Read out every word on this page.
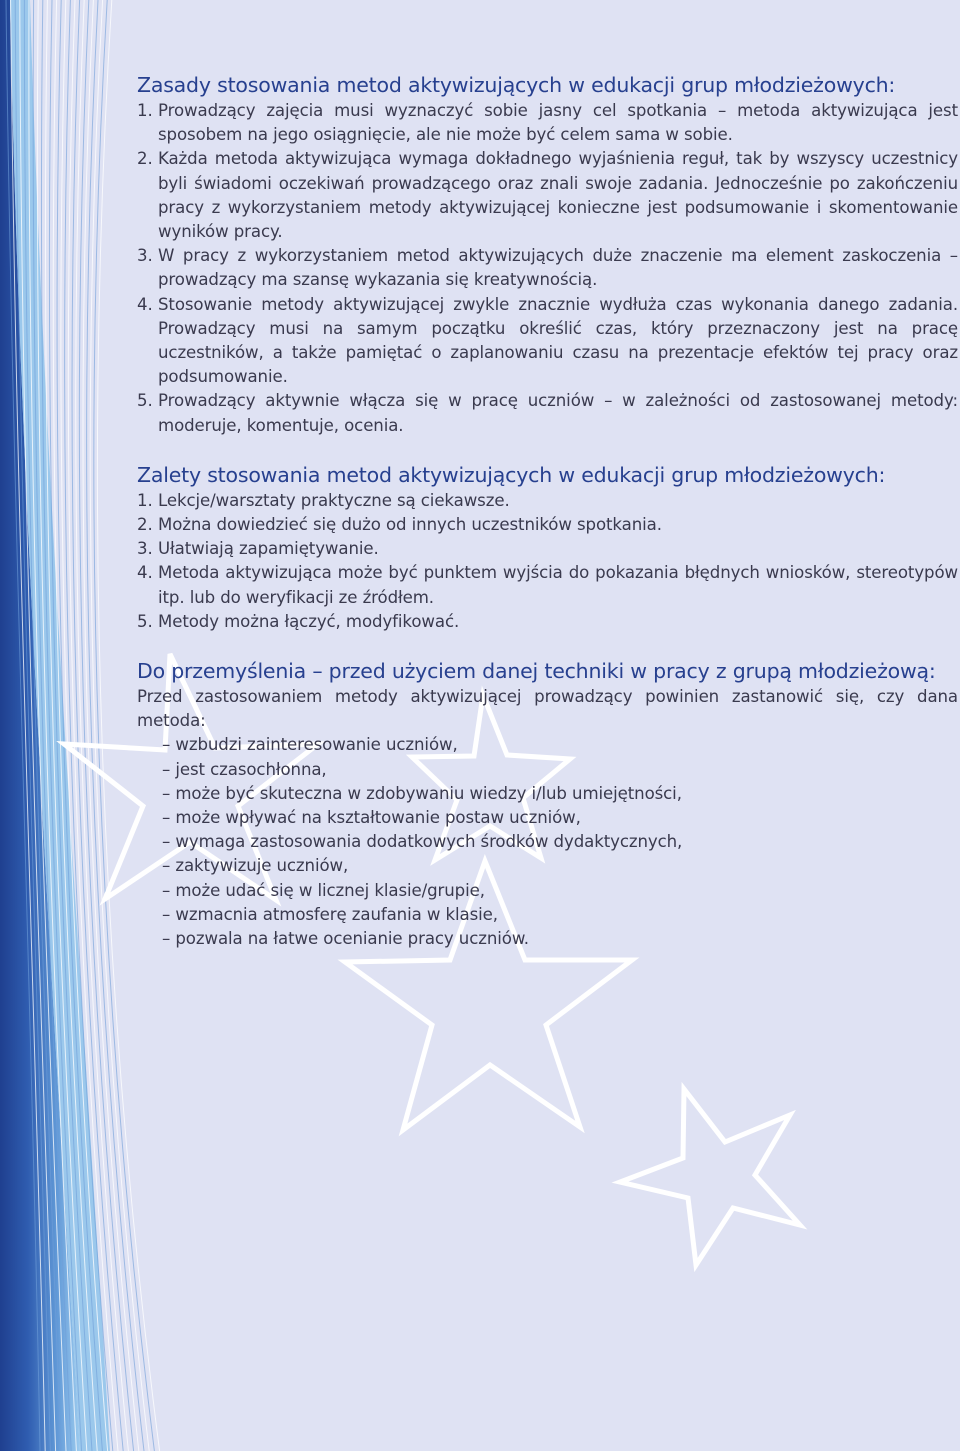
Zasady stosowania metod aktywizujących w edukacji grup młodzieżowych:
1. Prowadzący zajęcia musi wyznaczyć sobie jasny cel spotkania – metoda aktywizująca jest sposobem na jego osiągnięcie, ale nie może być celem sama w sobie.
2. Każda metoda aktywizująca wymaga dokładnego wyjaśnienia reguł, tak by wszyscy uczestnicy byli świadomi oczekiwań prowadzącego oraz znali swoje zadania. Jednocześnie po zakończeniu pracy z wykorzystaniem metody aktywizującej konieczne jest podsumowanie i skomentowanie wyników pracy.
3. W pracy z wykorzystaniem metod aktywizujących duże znaczenie ma element zaskoczenia – prowadzący ma szansę wykazania się kreatywnością.
4. Stosowanie metody aktywizującej zwykle znacznie wydłuża czas wykonania danego zadania. Prowadzący musi na samym początku określić czas, który przeznaczony jest na pracę uczestników, a także pamiętać o zaplanowaniu czasu na prezentacje efektów tej pracy oraz podsumowanie.
5. Prowadzący aktywnie włącza się w pracę uczniów – w zależności od zastosowanej metody: moderuje, komentuje, ocenia.
Zalety stosowania metod aktywizujących w edukacji grup młodzieżowych:
1. Lekcje/warsztaty praktyczne są ciekawsze.
2. Można dowiedzieć się dużo od innych uczestników spotkania.
3. Ułatwiają zapamiętywanie.
4. Metoda aktywizująca może być punktem wyjścia do pokazania błędnych wniosków, stereotypów itp. lub do weryfikacji ze źródłem.
5. Metody można łączyć, modyfikować.
Do przemyślenia – przed użyciem danej techniki w pracy z grupą młodzieżową:
Przed zastosowaniem metody aktywizującej prowadzący powinien zastanowić się, czy dana metoda:
– wzbudzi zainteresowanie uczniów,
– jest czasochłonna,
– może być skuteczna w zdobywaniu wiedzy i/lub umiejętności,
– może wpływać na kształtowanie postaw uczniów,
– wymaga zastosowania dodatkowych środków dydaktycznych,
– zaktywizuje uczniów,
– może udać się w licznej klasie/grupie,
– wzmacnia atmosferę zaufania w klasie,
– pozwala na łatwe ocenianie pracy uczniów.
